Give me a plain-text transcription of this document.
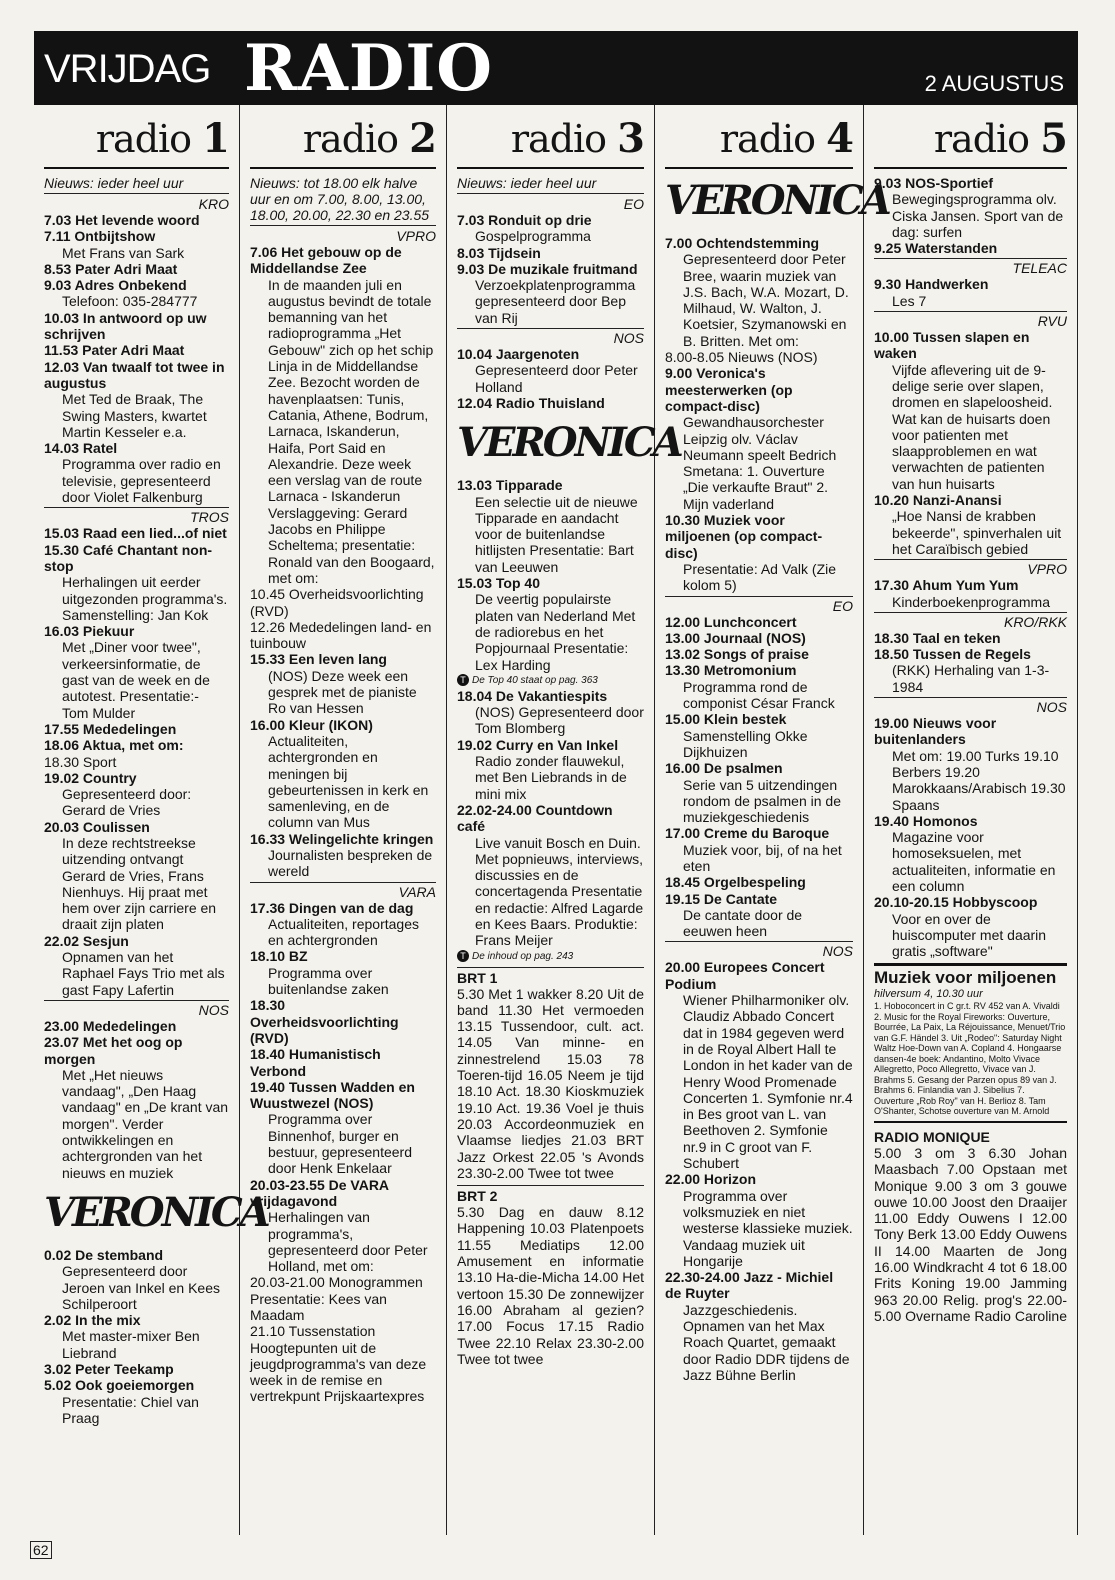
VRIJDAG RADIO	2 AUGUSTUS
radio 1
Nieuws: ieder heel uur
KRO
7.03 Het levende woord
7.11 Ontbijtshow
Met Frans van Sark
8.53 Pater Adri Maat
9.03 Adres Onbekend
Telefoon: 035-284777
10.03 In antwoord op uw schrijven
11.53 Pater Adri Maat
12.03 Van twaalf tot twee in augustus
Met Ted de Braak, The Swing Masters, kwartet Martin Kesseler e.a.
14.03 Ratel
Programma over radio en televisie, gepresenteerd door Violet Falkenburg
TROS
15.03 Raad een lied...of niet
15.30 Café Chantant non-stop
Herhalingen uit eerder uitgezonden programma's. Samenstelling: Jan Kok
16.03 Piekuur
Met „Diner voor twee", verkeersinformatie, de gast van de week en de autotest. Presentatie:- Tom Mulder
17.55 Mededelingen
18.06 Aktua, met om:
18.30 Sport
19.02 Country
Gepresenteerd door: Gerard de Vries
20.03 Coulissen
In deze rechtstreekse uitzending ontvangt Gerard de Vries, Frans Nienhuys. Hij praat met hem over zijn carriere en draait zijn platen
22.02 Sesjun
Opnamen van het Raphael Fays Trio met als gast Fapy Lafertin
NOS
23.00 Mededelingen
23.07 Met het oog op morgen
Met „Het nieuws vandaag", „Den Haag vandaag" en „De krant van morgen". Verder ontwikkelingen en achtergronden van het nieuws en muziek
VERONICA
0.02 De stemband
Gepresenteerd door Jeroen van Inkel en Kees Schilperoort
2.02 In the mix
Met master-mixer Ben Liebrand
3.02 Peter Teekamp
5.02 Ook goeiemorgen
Presentatie: Chiel van Praag
radio 2
Nieuws: tot 18.00 elk halve uur en om 7.00, 8.00, 13.00, 18.00, 20.00, 22.30 en 23.55
VPRO
7.06 Het gebouw op de Middellandse Zee
In de maanden juli en augustus bevindt de totale bemanning van het radioprogramma „Het Gebouw" zich op het schip Linja in de Middellandse Zee. Bezocht worden de havenplaatsen: Tunis, Catania, Athene, Bodrum, Larnaca, Iskanderun, Haifa, Port Said en Alexandrie. Deze week een verslag van de route Larnaca - Iskanderun Verslaggeving: Gerard Jacobs en Philippe Scheltema; presentatie: Ronald van den Boogaard, met om:
10.45 Overheidsvoorlichting (RVD)
12.26 Mededelingen land- en tuinbouw
15.33 Een leven lang
(NOS) Deze week een gesprek met de pianiste Ro van Hessen
16.00 Kleur (IKON)
Actualiteiten, achtergronden en meningen bij gebeurtenissen in kerk en samenleving, en de column van Mus
16.33 Welingelichte kringen
Journalisten bespreken de wereld
VARA
17.36 Dingen van de dag
Actualiteiten, reportages en achtergronden
18.10 BZ
Programma over buitenlandse zaken
18.30 Overheidsvoorlichting (RVD)
18.40 Humanistisch Verbond
19.40 Tussen Wadden en Wuustwezel (NOS)
Programma over Binnenhof, burger en bestuur, gepresenteerd door Henk Enkelaar
20.03-23.55 De VARA vrijdagavond
Herhalingen van programma's, gepresenteerd door Peter Holland, met om:
20.03-21.00 Monogrammen Presentatie: Kees van Maadam
21.10 Tussenstation Hoogtepunten uit de jeugdprogramma's van deze week in de remise en vertrekpunt Prijskaartexpres
radio 3
Nieuws: ieder heel uur
EO
7.03 Ronduit op drie
Gospelprogramma
8.03 Tijdsein
9.03 De muzikale fruitmand
Verzoekplatenprogramma gepresenteerd door Bep van Rij
NOS
10.04 Jaargenoten
Gepresenteerd door Peter Holland
12.04 Radio Thuisland
VERONICA
13.03 Tipparade
Een selectie uit de nieuwe Tipparade en aandacht voor de buitenlandse hitlijsten Presentatie: Bart van Leeuwen
15.03 Top 40
De veertig populairste platen van Nederland Met de radiorebus en het Popjournaal Presentatie: Lex Harding
T De Top 40 staat op pag. 363
18.04 De Vakantiespits
(NOS) Gepresenteerd door Tom Blomberg
19.02 Curry en Van Inkel
Radio zonder flauwekul, met Ben Liebrands in de mini mix
22.02-24.00 Countdown café
Live vanuit Bosch en Duin. Met popnieuws, interviews, discussies en de concertagenda Presentatie en redactie: Alfred Lagarde en Kees Baars. Produktie: Frans Meijer
T De inhoud op pag. 243
BRT 1
5.30 Met 1 wakker 8.20 Uit de band 11.30 Het vermoeden 13.15 Tussendoor, cult. act. 14.05 Van minne- en zinnestrelend 15.03 78 Toeren-tijd 16.05 Neem je tijd 18.10 Act. 18.30 Kioskmuziek 19.10 Act. 19.36 Voel je thuis 20.03 Accordeonmuziek en Vlaamse liedjes 21.03 BRT Jazz Orkest 22.05 's Avonds 23.30-2.00 Twee tot twee
BRT 2
5.30 Dag en dauw 8.12 Happening 10.03 Platenpoets 11.55 Mediatips 12.00 Amusement en informatie 13.10 Ha-die-Micha 14.00 Het vertoon 15.30 De zonnewijzer 16.00 Abraham al gezien? 17.00 Focus 17.15 Radio Twee 22.10 Relax 23.30-2.00 Twee tot twee
radio 4
VERONICA
7.00 Ochtendstemming
Gepresenteerd door Peter Bree, waarin muziek van J.S. Bach, W.A. Mozart, D. Milhaud, W. Walton, J. Koetsier, Szymanowski en B. Britten. Met om:
8.00-8.05 Nieuws (NOS)
9.00 Veronica's meesterwerken (op compact-disc)
Gewandhausorchester Leipzig olv. Václav Neumann speelt Bedrich Smetana: 1. Ouverture „Die verkaufte Braut" 2. Mijn vaderland
10.30 Muziek voor miljoenen (op compact-disc)
Presentatie: Ad Valk (Zie kolom 5)
EO
12.00 Lunchconcert
13.00 Journaal (NOS)
13.02 Songs of praise
13.30 Metromonium
Programma rond de componist César Franck
15.00 Klein bestek
Samenstelling Okke Dijkhuizen
16.00 De psalmen
Serie van 5 uitzendingen rondom de psalmen in de muziekgeschiedenis
17.00 Creme du Baroque
Muziek voor, bij, of na het eten
18.45 Orgelbespeling
19.15 De Cantate
De cantate door de eeuwen heen
NOS
20.00 Europees Concert Podium
Wiener Philharmoniker olv. Claudiz Abbado Concert dat in 1984 gegeven werd in de Royal Albert Hall te London in het kader van de Henry Wood Promenade Concerten 1. Symfonie nr.4 in Bes groot van L. van Beethoven 2. Symfonie nr.9 in C groot van F. Schubert
22.00 Horizon
Programma over volksmuziek en niet westerse klassieke muziek. Vandaag muziek uit Hongarije
22.30-24.00 Jazz - Michiel de Ruyter
Jazzgeschiedenis. Opnamen van het Max Roach Quartet, gemaakt door Radio DDR tijdens de Jazz Bühne Berlin
radio 5
9.03 NOS-Sportief
Bewegingsprogramma olv. Ciska Jansen. Sport van de dag: surfen
9.25 Waterstanden
TELEAC
9.30 Handwerken
Les 7
RVU
10.00 Tussen slapen en waken
Vijfde aflevering uit de 9-delige serie over slapen, dromen en slapeloosheid. Wat kan de huisarts doen voor patienten met slaapproblemen en wat verwachten de patienten van hun huisarts
10.20 Nanzi-Anansi
„Hoe Nansi de krabben bekeerde", spinverhalen uit het Caraïbisch gebied
VPRO
17.30 Ahum Yum Yum
Kinderboekenprogramma
KRO/RKK
18.30 Taal en teken
18.50 Tussen de Regels
(RKK) Herhaling van 1-3-1984
NOS
19.00 Nieuws voor buitenlanders
Met om: 19.00 Turks 19.10 Berbers 19.20 Marokkaans/Arabisch 19.30 Spaans
19.40 Homonos
Magazine voor homoseksuelen, met actualiteiten, informatie en een column
20.10-20.15 Hobbyscoop
Voor en over de huiscomputer met daarin gratis „software"
Muziek voor miljoenen
hilversum 4, 10.30 uur
1. Hoboconcert in C gr.t. RV 452 van A. Vivaldi 2. Music for the Royal Fireworks: Ouverture, Bourrée, La Paix, La Réjouissance, Menuet/Trio van G.F. Händel 3. Uit „Rodeo": Saturday Night Waltz Hoe-Down van A. Copland 4. Hongaarse dansen-4e boek: Andantino, Molto Vivace Allegretto, Poco Allegretto, Vivace van J. Brahms 5. Gesang der Parzen opus 89 van J. Brahms 6. Finlandia van J. Sibelius 7. Ouverture „Rob Roy" van H. Berlioz 8. Tam O'Shanter, Schotse ouverture van M. Arnold
RADIO MONIQUE
5.00 3 om 3 6.30 Johan Maasbach 7.00 Opstaan met Monique 9.00 3 om 3 gouwe ouwe 10.00 Joost den Draaijer 11.00 Eddy Ouwens I 12.00 Tony Berk 13.00 Eddy Ouwens II 14.00 Maarten de Jong 16.00 Windkracht 4 tot 6 18.00 Frits Koning 19.00 Jamming 963 20.00 Relig. prog's 22.00-5.00 Overname Radio Caroline
62
